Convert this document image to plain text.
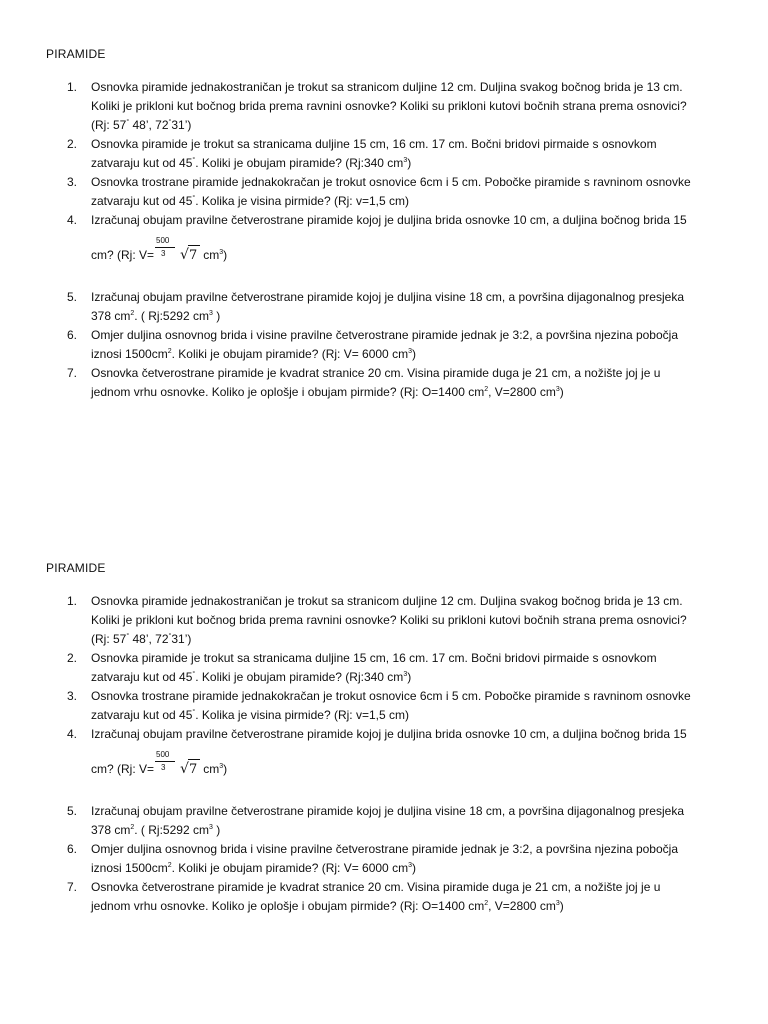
PIRAMIDE
1. Osnovka piramide jednakostraničan je trokut sa stranicom duljine 12 cm. Duljina svakog bočnog brida je 13 cm.
Koliki je prikloni kut bočnog brida prema ravnini osnovke? Koliki su prikloni kutovi bočnih strana prema osnovici?
(Rj: 57° 48’, 72°31’)
2. Osnovka piramide je trokut sa stranicama duljine 15 cm, 16 cm. 17 cm. Bočni bridovi pirmaide s osnovkom
zatvaraju kut od 45°. Koliki je obujam piramide? (Rj:340 $cm^3$)
3. Osnovka trostrane piramide jednakokračan je trokut osnovice 6cm i 5 cm. Pobočke piramide s ravninom osnovke
zatvaraju kut od 45°. Kolika je visina pirmide? (Rj: v=1,5 cm)
4. Izračunaj obujam pravilne četverostrane piramide kojoj je duljina brida osnovke 10 cm, a duljina bočnog brida 15
cm? (Rj: $V= \frac{500}{3}$ √
7 $cm^3$)
5. Izračunaj obujam pravilne četverostrane piramide kojoj je duljina visine 18 cm, a površina dijagonalnog presjeka
378 $cm^2$. ( Rj:5292 $cm^3$ )
6. Omjer duljina osnovnog brida i visine pravilne četverostrane piramide jednak je 3:2, a površina njezina pobočja
iznosi $1500cm^2$. Koliki je obujam piramide? (Rj: V= 6000 $cm^3$)
7. Osnovka četverostrane piramide je kvadrat stranice 20 cm. Visina piramide duga je 21 cm, a nožište joj je u
jednom vrhu osnovke. Koliko je oplošje i obujam pirmide? (Rj: O=1400 $cm^2$, V=2800 $cm^3$)
PIRAMIDE
1. Osnovka piramide jednakostraničan je trokut sa stranicom duljine 12 cm. Duljina svakog bočnog brida je 13 cm.
Koliki je prikloni kut bočnog brida prema ravnini osnovke? Koliki su prikloni kutovi bočnih strana prema osnovici?
(Rj: 57° 48’, 72°31’)
2. Osnovka piramide je trokut sa stranicama duljine 15 cm, 16 cm. 17 cm. Bočni bridovi pirmaide s osnovkom
zatvaraju kut od 45°. Koliki je obujam piramide? (Rj:340 $cm^3$)
3. Osnovka trostrane piramide jednakokračan je trokut osnovice 6cm i 5 cm. Pobočke piramide s ravninom osnovke
zatvaraju kut od 45°. Kolika je visina pirmide? (Rj: v=1,5 cm)
4. Izračunaj obujam pravilne četverostrane piramide kojoj je duljina brida osnovke 10 cm, a duljina bočnog brida 15
cm? (Rj: $V= \frac{500}{3}$ √
7 $cm^3$)
5. Izračunaj obujam pravilne četverostrane piramide kojoj je duljina visine 18 cm, a površina dijagonalnog presjeka
378 $cm^2$. ( Rj:5292 $cm^3$ )
6. Omjer duljina osnovnog brida i visine pravilne četverostrane piramide jednak je 3:2, a površina njezina pobočja
iznosi $1500cm^2$. Koliki je obujam piramide? (Rj: V= 6000 $cm^3$)
7. Osnovka četverostrane piramide je kvadrat stranice 20 cm. Visina piramide duga je 21 cm, a nožište joj je u
jednom vrhu osnovke. Koliko je oplošje i obujam pirmide? (Rj: O=1400 $cm^2$, V=2800 $cm^3$)
